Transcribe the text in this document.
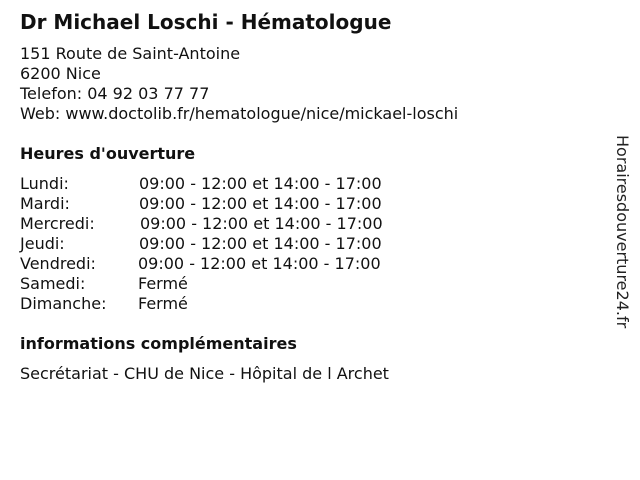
Dr Michael Loschi - Hématologue
151 Route de Saint-Antoine
6200 Nice
Telefon: 04 92 03 77 77
Web: www.doctolib.fr/hematologue/nice/mickael-loschi
Heures d'ouverture
Lundi:	09:00 - 12:00 et 14:00 - 17:00
Mardi:	09:00 - 12:00 et 14:00 - 17:00
Mercredi:	09:00 - 12:00 et 14:00 - 17:00
Jeudi:	09:00 - 12:00 et 14:00 - 17:00
Vendredi:	09:00 - 12:00 et 14:00 - 17:00
Samedi:	Fermé
Dimanche: Fermé
informations complémentaires
Secrétariat - CHU de Nice - Hôpital de l Archet
Horairesdouverture24.fr
